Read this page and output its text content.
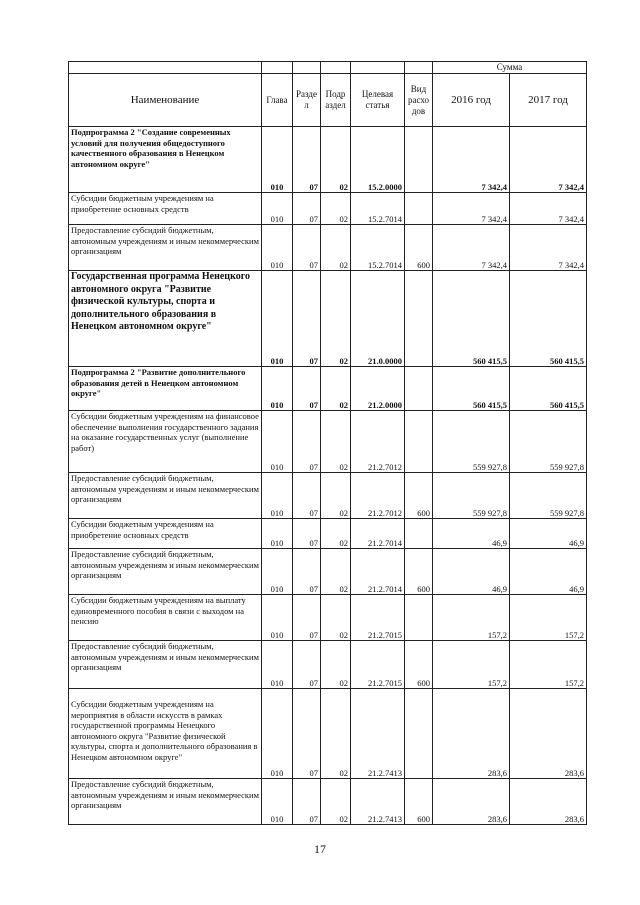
						Сумма	
Наименование	Глава	Разде л	Подр аздел	Целевая статья	Вид расхо дов	2016 год	2017 год
Подпрограмма 2 "Создание современных условий для получения общедоступного качественного образования в Ненецком автономном округе"	010	07	02	15.2.0000		7 342,4	7 342,4
Субсидии бюджетным учреждениям на приобретение основных средств	010	07	02	15.2.7014		7 342,4	7 342,4
Предоставление субсидий бюджетным, автономным учреждениям и иным некоммерческим организациям	010	07	02	15.2.7014	600	7 342,4	7 342,4
Государственная программа Ненецкого автономного округа "Развитие физической культуры, спорта и дополнительного образования в Ненецком автономном округе"	010	07	02	21.0.0000		560 415,5	560 415,5
Подпрограмма 2 "Развитие дополнительного образования детей в Ненецком автономном округе"	010	07	02	21.2.0000		560 415,5	560 415,5
Субсидии бюджетным учреждениям на финансовое обеспечение выполнения государственного задания на оказание государственных услуг (выполнение работ)	010	07	02	21.2.7012		559 927,8	559 927,8
Предоставление субсидий бюджетным, автономным учреждениям и иным некоммерческим организациям	010	07	02	21.2.7012	600	559 927,8	559 927,8
Субсидии бюджетным учреждениям на приобретение основных средств	010	07	02	21.2.7014		46,9	46,9
Предоставление субсидий бюджетным, автономным учреждениям и иным некоммерческим организациям	010	07	02	21.2.7014	600	46,9	46,9
Субсидии бюджетным учреждениям на выплату единовременного пособия в связи с выходом на пенсию	010	07	02	21.2.7015		157,2	157,2
Предоставление субсидий бюджетным, автономным учреждениям и иным некоммерческим организациям	010	07	02	21.2.7015	600	157,2	157,2
Субсидии бюджетным учреждениям на мероприятия в области искусств в рамках государственной программы Ненецкого автономного округа "Развитие физической культуры, спорта и дополнительного образования в Ненецком автономном округе"	010	07	02	21.2.7413		283,6	283,6
Предоставление субсидий бюджетным, автономным учреждениям и иным некоммерческим организациям	010	07	02	21.2.7413	600	283,6	283,6
17
